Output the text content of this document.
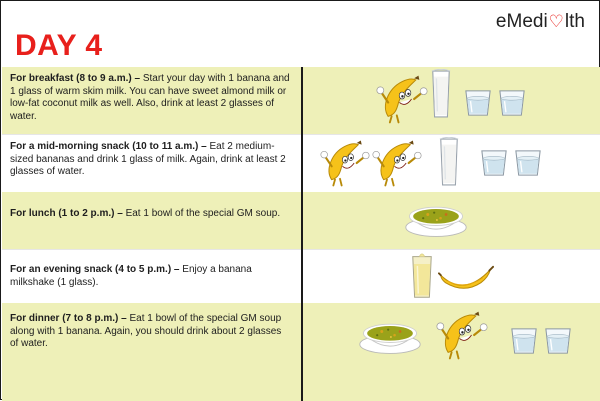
DAY 4
eMedi ♡ lth
For breakfast (8 to 9 a.m.) – Start your day with 1 banana and 1 glass of warm skim milk. You can have sweet almond milk or low-fat coconut milk as well. Also, drink at least 2 glasses of water.
For a mid-morning snack (10 to 11 a.m.) – Eat 2 medium-sized bananas and drink 1 glass of milk. Again, drink at least 2 glasses of water.
For lunch (1 to 2 p.m.) – Eat 1 bowl of the special GM soup.
For an evening snack (4 to 5 p.m.) – Enjoy a banana milkshake (1 glass).
For dinner (7 to 8 p.m.) – Eat 1 bowl of the special GM soup along with 1 banana. Again, you should drink about 2 glasses of water.
